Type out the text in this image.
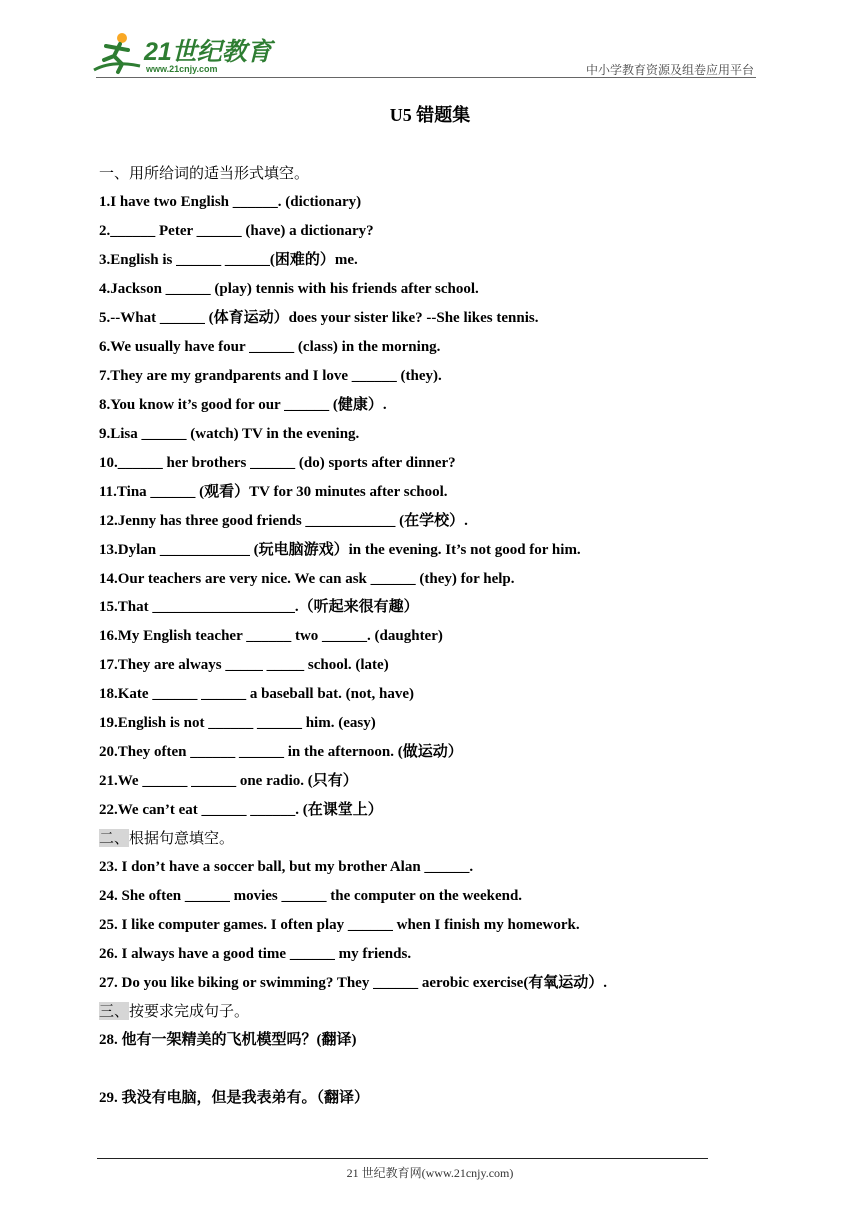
21世纪教育
www.21cnjy.com	中小学教育资源及组卷应用平台
U5 错题集
一、用所给词的适当形式填空。
1.I have two English ______. (dictionary)
2.______ Peter ______ (have) a dictionary?
3.English is ______ ______(困难的）me.
4.Jackson ______ (play) tennis with his friends after school.
5.--What ______ (体育运动）does your sister like? --She likes tennis.
6.We usually have four ______ (class) in the morning.
7.They are my grandparents and I love ______ (they).
8.You know it’s good for our ______ (健康）.
9.Lisa ______ (watch) TV in the evening.
10.______ her brothers ______ (do) sports after dinner?
11.Tina ______ (观看）TV for 30 minutes after school.
12.Jenny has three good friends ____________ (在学校）.
13.Dylan ____________ (玩电脑游戏）in the evening. It’s not good for him.
14.Our teachers are very nice. We can ask ______ (they) for help.
15.That ___________________.（听起来很有趣）
16.My English teacher ______ two ______. (daughter)
17.They are always _____ _____ school. (late)
18.Kate ______ ______ a baseball bat. (not, have)
19.English is not ______ ______ him. (easy)
20.They often ______ ______ in the afternoon. (做运动）
21.We ______ ______ one radio. (只有）
22.We can’t eat ______ ______. (在课堂上）
二、根据句意填空。
23. I don’t have a soccer ball, but my brother Alan ______.
24. She often ______ movies ______ the computer on the weekend.
25. I like computer games. I often play ______ when I finish my homework.
26. I always have a good time ______ my friends.
27. Do you like biking or swimming? They ______ aerobic exercise(有氧运动）.
三、按要求完成句子。
28. 他有一架精美的飞机模型吗？(翻译)
29. 我没有电脑，但是我表弟有。（翻译）
21 世纪教育网(www.21cnjy.com)
